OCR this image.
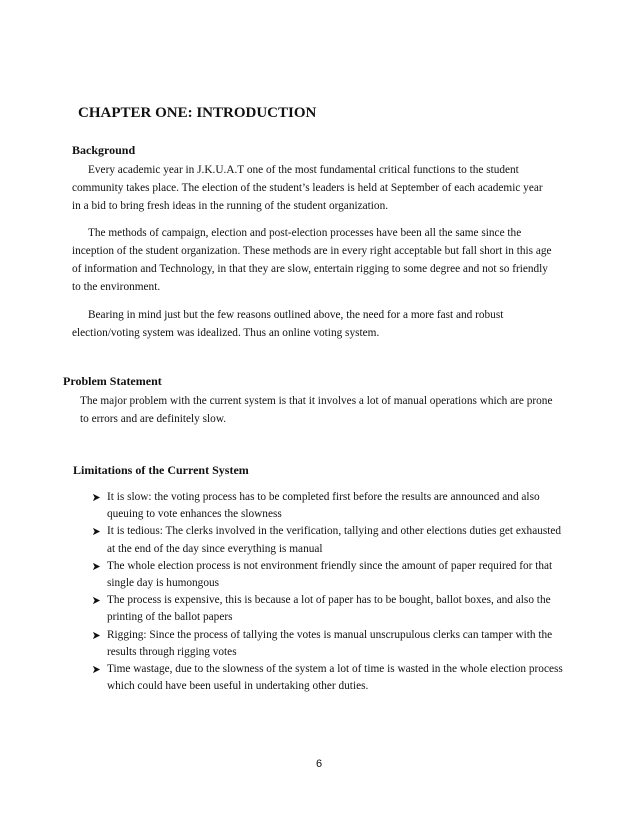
CHAPTER ONE: INTRODUCTION
Background

Every academic year in J.K.U.A.T one of the most fundamental critical functions to the student community takes place. The election of the student’s leaders is held at September of each academic year in a bid to bring fresh ideas in the running of the student organization.

The methods of campaign, election and post-election processes have been all the same since the inception of the student organization. These methods are in every right acceptable but fall short in this age of information and Technology, in that they are slow, entertain rigging to some degree and not so friendly to the environment.

Bearing in mind just but the few reasons outlined above, the need for a more fast and robust election/voting system was idealized. Thus an online voting system.

Problem Statement

The major problem with the current system is that it involves a lot of manual operations which are prone to errors and are definitely slow.

Limitations of the Current System
It is slow: the voting process has to be completed first before the results are announced and also queuing to vote enhances the slowness
It is tedious: The clerks involved in the verification, tallying and other elections duties get exhausted at the end of the day since everything is manual
The whole election process is not environment friendly since the amount of paper required for that single day is humongous
The process is expensive, this is because a lot of paper has to be bought, ballot boxes, and also the printing of the ballot papers
Rigging: Since the process of tallying the votes is manual unscrupulous clerks can tamper with the results through rigging votes
Time wastage, due to the slowness of the system a lot of time is wasted in the whole election process which could have been useful in undertaking other duties.
6
